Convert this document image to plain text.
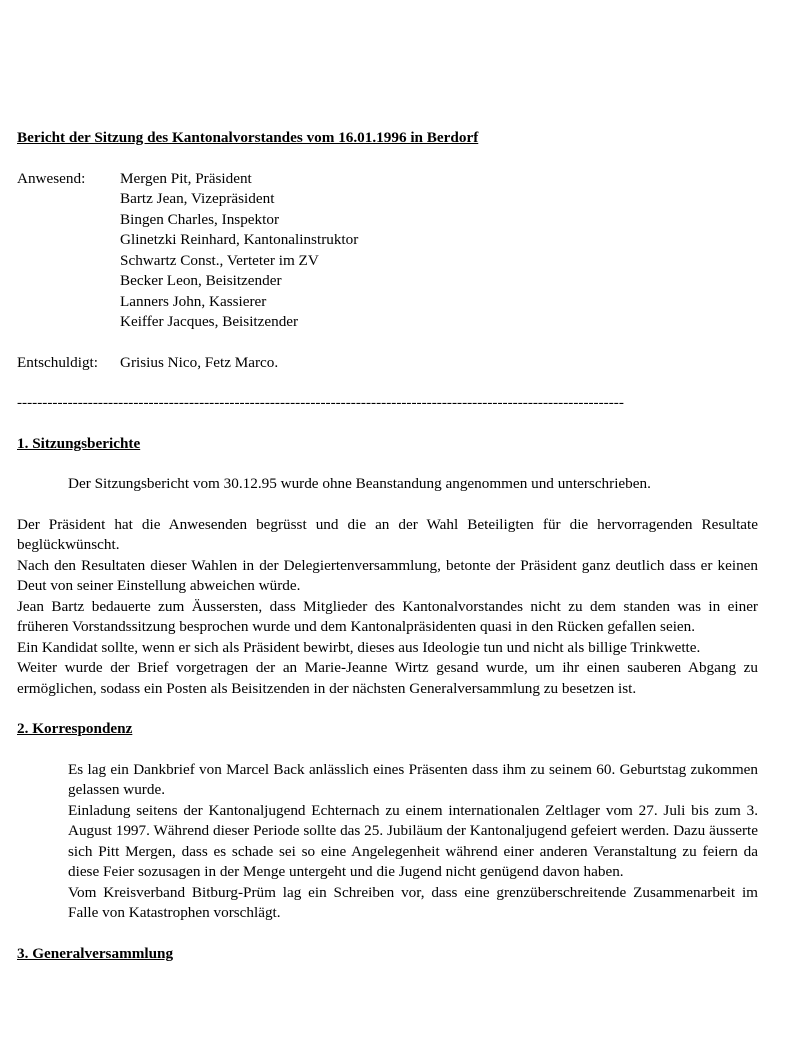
Bericht der Sitzung des Kantonalvorstandes vom 16.01.1996 in Berdorf
Anwesend:	Mergen Pit, Präsident
Bartz Jean, Vizepräsident
Bingen Charles, Inspektor
Glinetzki Reinhard, Kantonalinstruktor
Schwartz Const., Verteter im ZV
Becker Leon, Beisitzender
Lanners John, Kassierer
Keiffer Jacques, Beisitzender
Entschuldigt:	Grisius Nico, Fetz Marco.
------------------------------------------------------------------------------------------------------------------------
1. Sitzungsberichte

Der Sitzungsbericht vom 30.12.95 wurde ohne Beanstandung angenommen und unterschrieben.

Der Präsident hat die Anwesenden begrüsst und die an der Wahl Beteiligten für die hervorragenden Resultate beglückwünscht.

Nach den Resultaten dieser Wahlen in der Delegiertenversammlung, betonte der Präsident ganz deutlich dass er keinen Deut von seiner Einstellung abweichen würde.

Jean Bartz bedauerte zum Äussersten, dass Mitglieder des Kantonalvorstandes nicht zu dem standen was in einer früheren Vorstandssitzung besprochen wurde und dem Kantonalpräsidenten quasi in den Rücken gefallen seien.

Ein Kandidat sollte, wenn er sich als Präsident bewirbt, dieses aus Ideologie tun und nicht als billige Trinkwette.

Weiter wurde der Brief vorgetragen der an Marie-Jeanne Wirtz gesand wurde, um ihr einen sauberen Abgang zu ermöglichen, sodass ein Posten als Beisitzenden in der nächsten Generalversammlung zu besetzen ist.

2. Korrespondenz

Es lag ein Dankbrief von Marcel Back anlässlich eines Präsenten dass ihm zu seinem 60. Geburtstag zukommen gelassen wurde.

Einladung seitens der Kantonaljugend Echternach zu einem internationalen Zeltlager vom 27. Juli bis zum 3. August 1997. Während dieser Periode sollte das 25. Jubiläum der Kantonaljugend gefeiert werden. Dazu äusserte sich Pitt Mergen, dass es schade sei so eine Angelegenheit während einer anderen Veranstaltung zu feiern da diese Feier sozusagen in der Menge untergeht und die Jugend nicht genügend davon haben.

Vom Kreisverband Bitburg-Prüm lag ein Schreiben vor, dass eine grenzüberschreitende Zusammenarbeit im Falle von Katastrophen vorschlägt.

3. Generalversammlung
